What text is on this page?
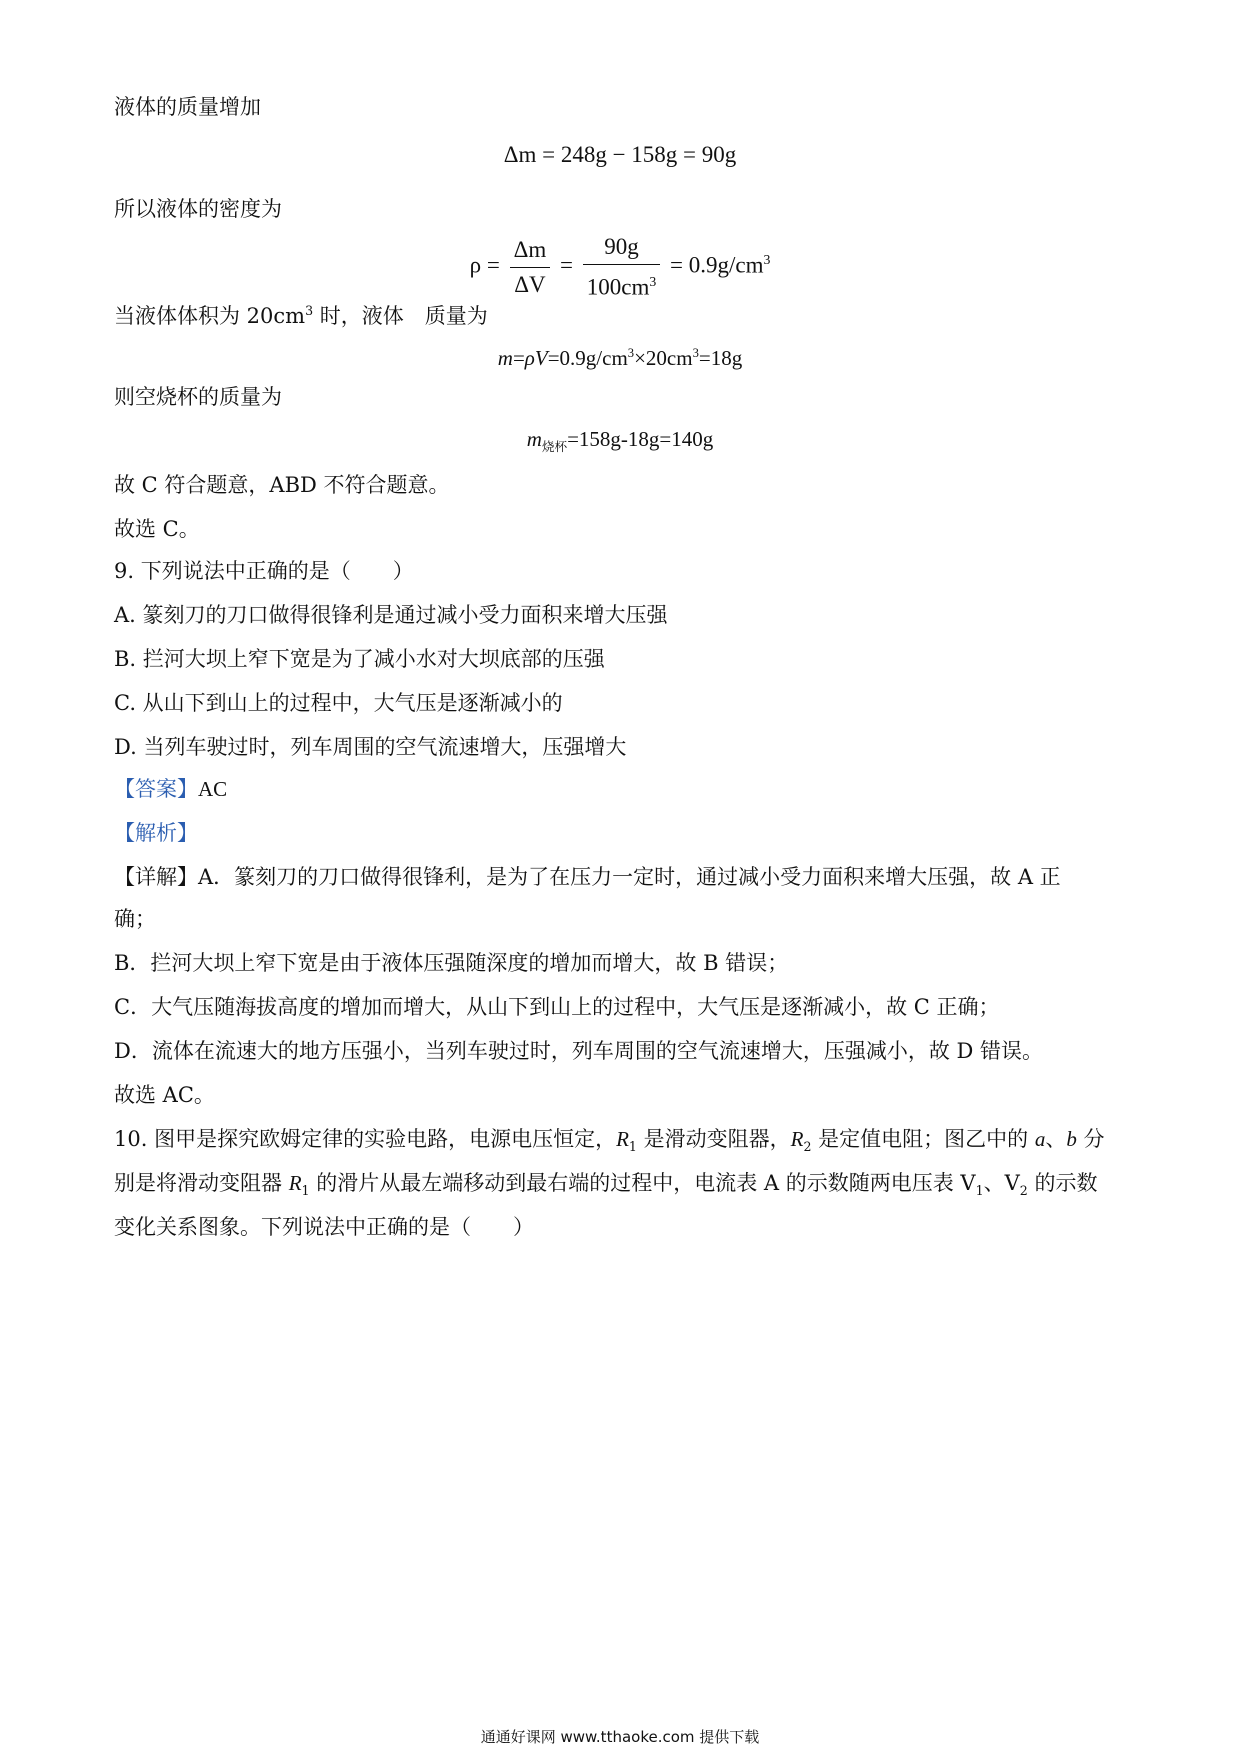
液体的质量增加
Δm = 248g − 158g = 90g
所以液体的密度为
$\rho = \frac{\Delta m}{\Delta V} = \frac{90g}{100cm^3} = 0.9g/cm^3$
当液体体积为 $20cm^3$ 时，液体　质量为
$m=\rho V=0.9g/cm^3\times 20cm^3=18g$
则空烧杯的质量为
$m_{烧杯}=158g-18g=140g$
故 C 符合题意，ABD 不符合题意。
故选 C。
9. 下列说法中正确的是（　　）
A. 篆刻刀的刀口做得很锋利是通过减小受力面积来增大压强
B. 拦河大坝上窄下宽是为了减小水对大坝底部的压强
C. 从山下到山上的过程中，大气压是逐渐减小的
D. 当列车驶过时，列车周围的空气流速增大，压强增大
【答案】AC
【解析】
【详解】A．篆刻刀的刀口做得很锋利，是为了在压力一定时，通过减小受力面积来增大压强，故 A 正
确；
B．拦河大坝上窄下宽是由于液体压强随深度的增加而增大，故 B 错误；
C．大气压随海拔高度的增加而增大，从山下到山上的过程中，大气压是逐渐减小，故 C 正确；
D．流体在流速大的地方压强小，当列车驶过时，列车周围的空气流速增大，压强减小，故 D 错误。
故选 AC。
10. 图甲是探究欧姆定律的实验电路，电源电压恒定，$R_1$ 是滑动变阻器，$R_2$ 是定值电阻；图乙中的 a、b 分
别是将滑动变阻器 $R_1$ 的滑片从最左端移动到最右端的过程中，电流表 A 的示数随两电压表 $V_1$、$V_2$ 的示数
变化关系图象。下列说法中正确的是（　　）
通通好课网 www.tthaoke.com 提供下载
